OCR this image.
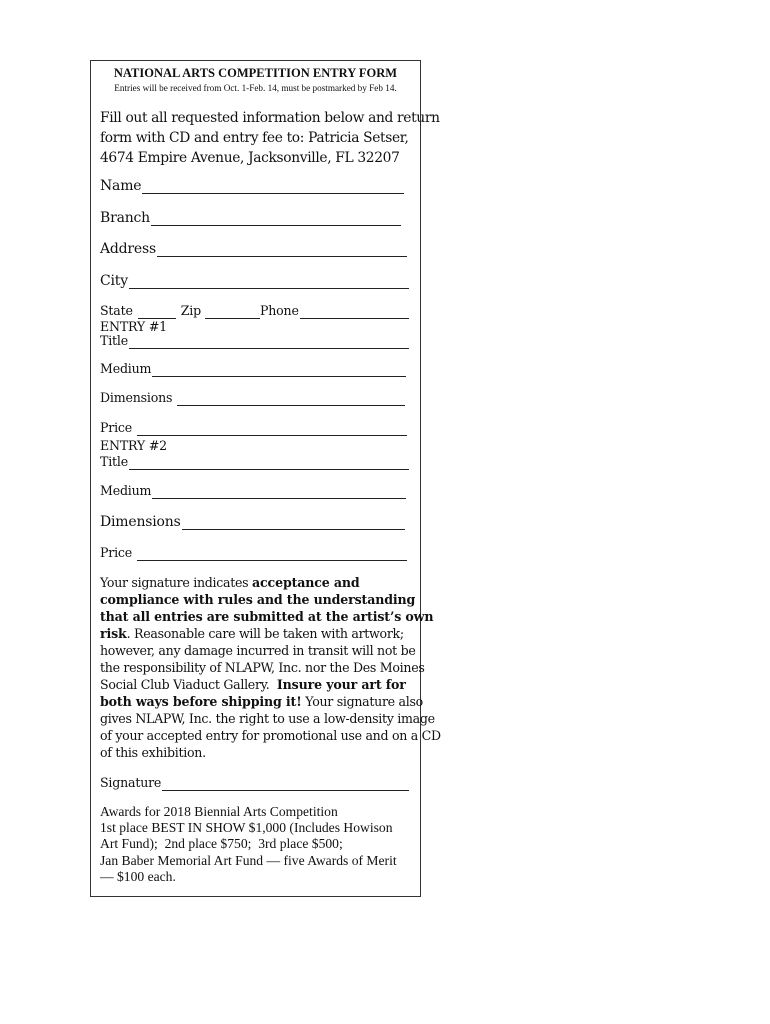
NATIONAL ARTS COMPETITION ENTRY FORM
Entries will be received from Oct. 1-Feb. 14, must be postmarked by Feb 14.
Fill out all requested information below and return
form with CD and entry fee to: Patricia Setser,
4674 Empire Avenue, Jacksonville, FL 32207
Name
Branch
Address
City
State	Zip	Phone
ENTRY #1
Title
Medium
Dimensions
Price
ENTRY #2
Title
Medium
Dimensions
Price
Your signature indicates acceptance and
compliance with rules and the understanding
that all entries are submitted at the artist’s own
risk. Reasonable care will be taken with artwork;
however, any damage incurred in transit will not be
the responsibility of NLAPW, Inc. nor the Des Moines
Social Club Viaduct Gallery.  Insure your art for
both ways before shipping it! Your signature also
gives NLAPW, Inc. the right to use a low-density image
of your accepted entry for promotional use and on a CD
of this exhibition.
Signature
Awards for 2018 Biennial Arts Competition
1st place BEST IN SHOW $1,000 (Includes Howison
Art Fund);  2nd place $750;  3rd place $500;
Jan Baber Memorial Art Fund — five Awards of Merit
— $100 each.
